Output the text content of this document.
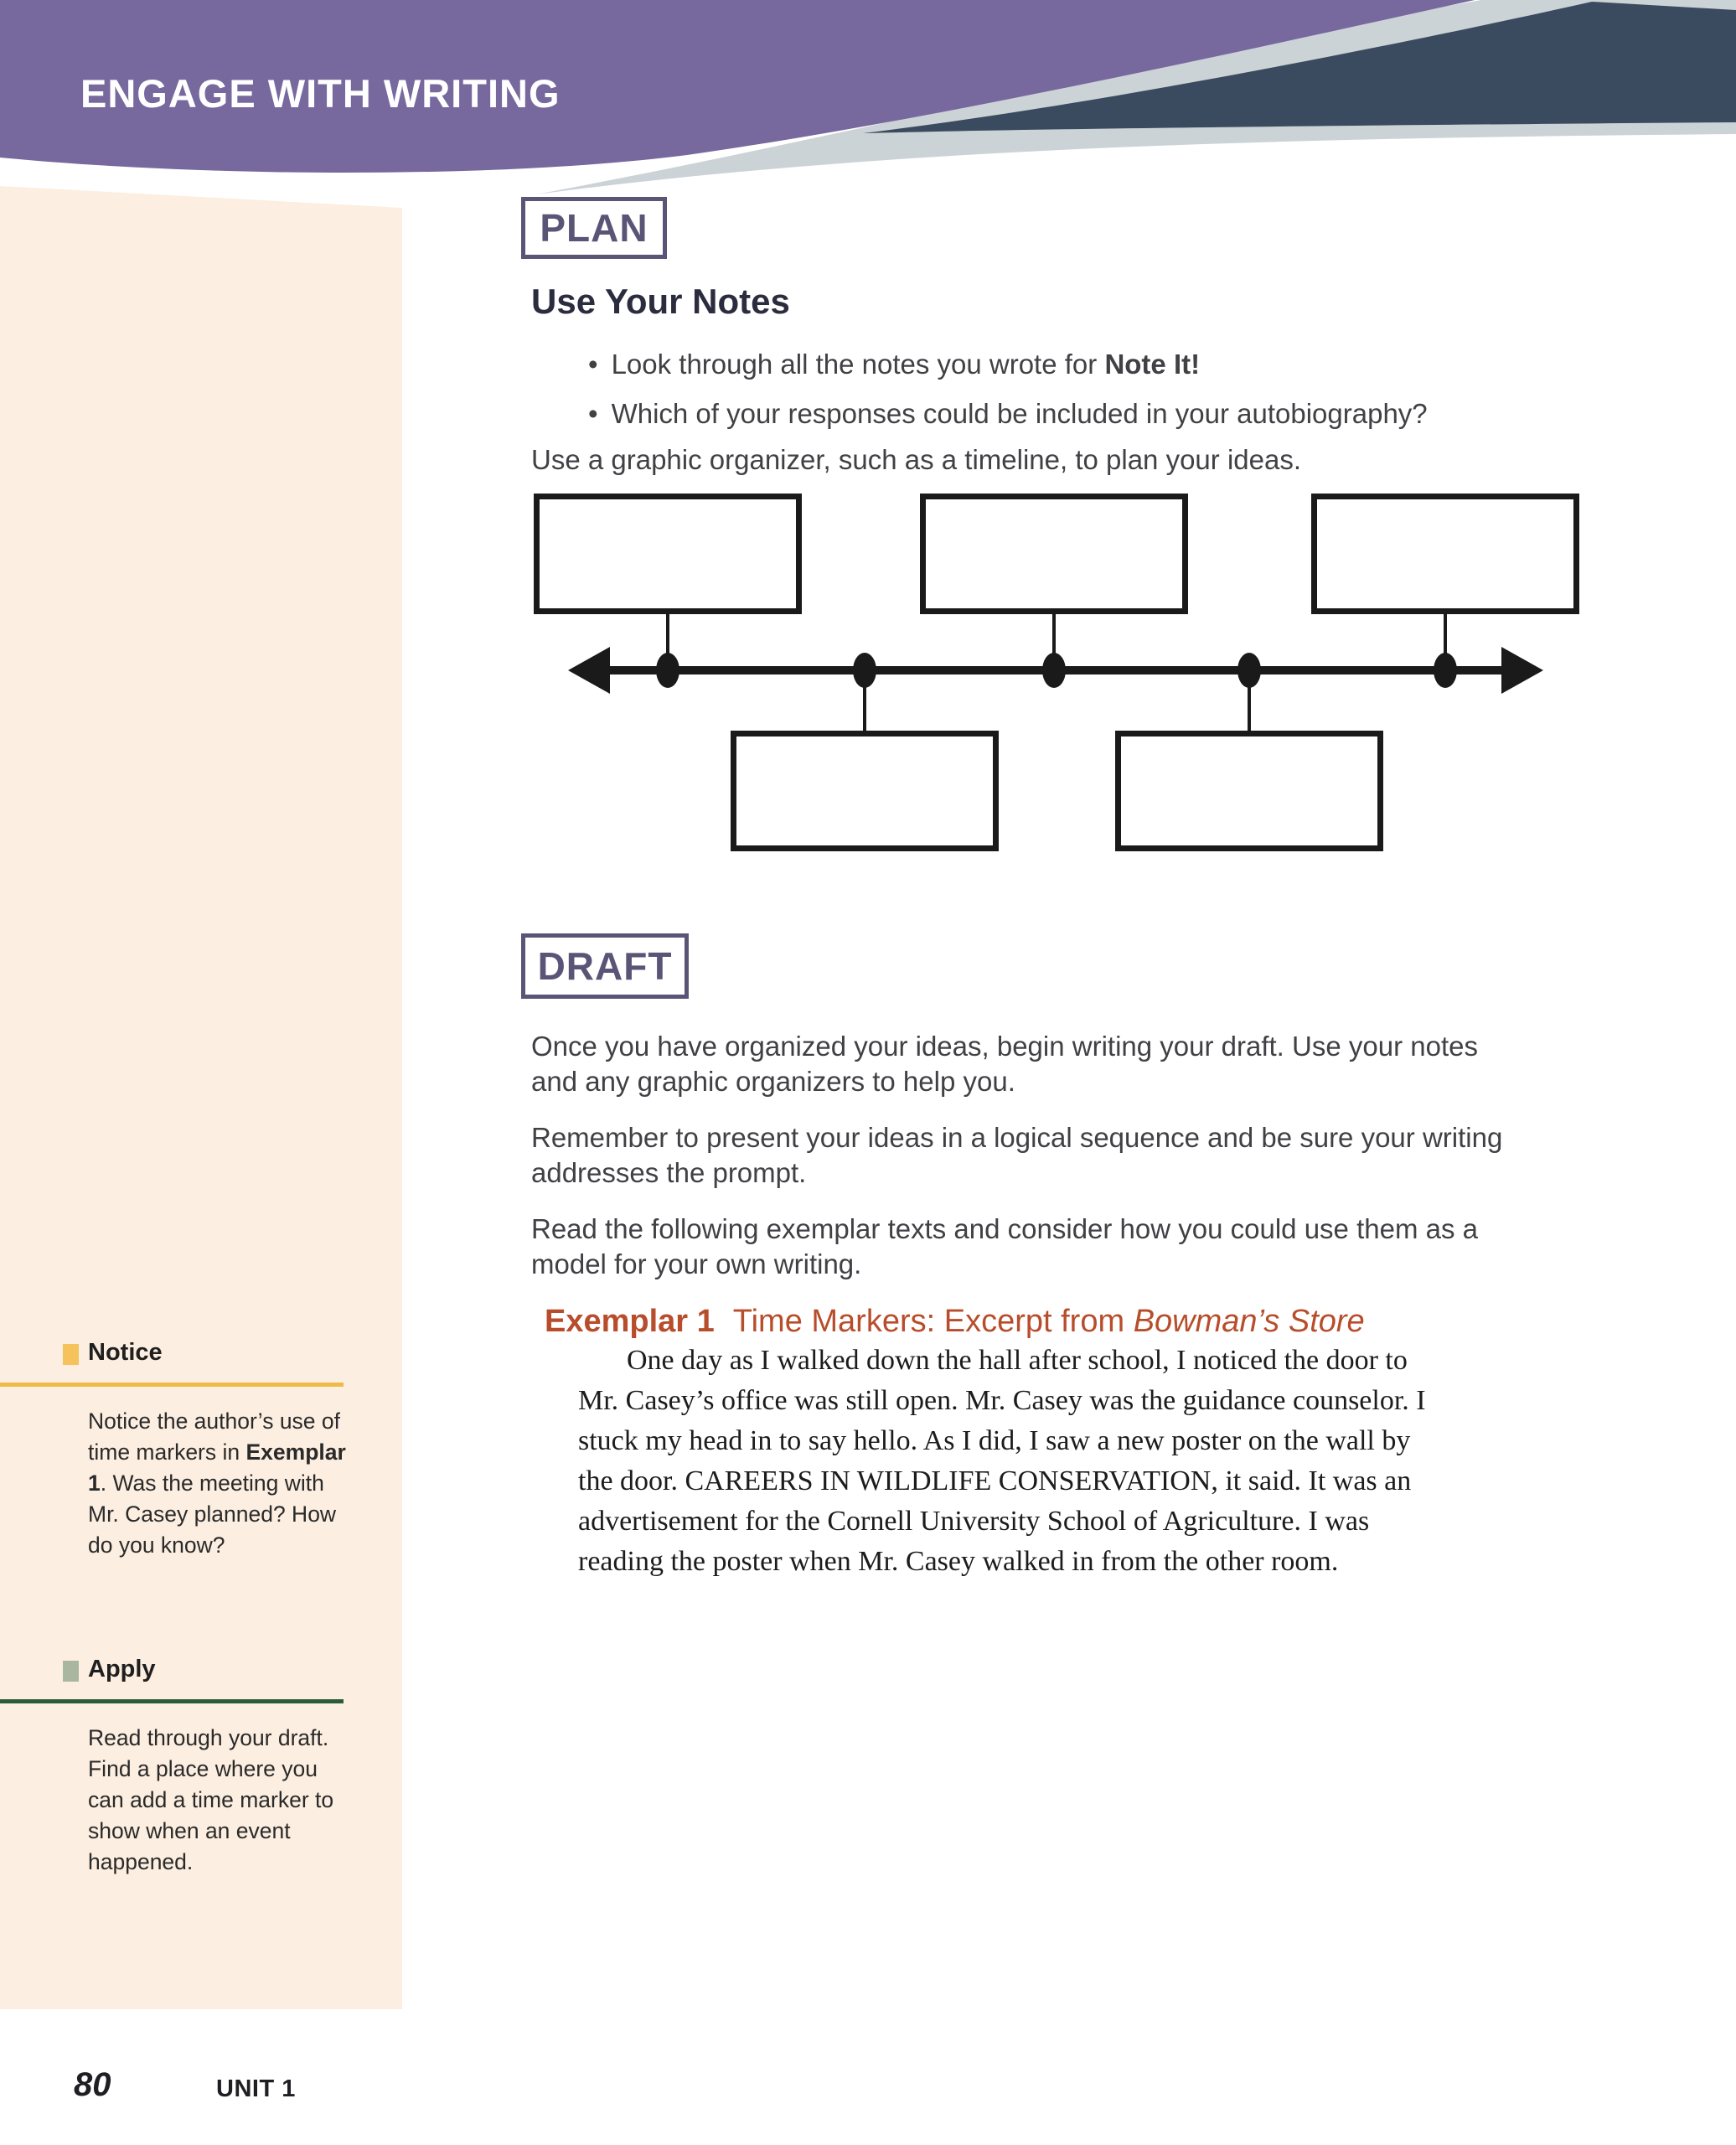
ENGAGE WITH WRITING
PLAN
Use Your Notes
• Look through all the notes you wrote for Note It!
• Which of your responses could be included in your autobiography?
Use a graphic organizer, such as a timeline, to plan your ideas.
DRAFT

Once you have organized your ideas, begin writing your draft. Use your notes and any graphic organizers to help you.

Remember to present your ideas in a logical sequence and be sure your writing addresses the prompt.

Read the following exemplar texts and consider how you could use them as a model for your own writing.

Exemplar 1 Time Markers: Excerpt from Bowman’s Store
One day as I walked down the hall after school, I noticed the door to Mr. Casey’s office was still open. Mr. Casey was the guidance counselor. I stuck my head in to say hello. As I did, I saw a new poster on the wall by the door. CAREERS IN WILDLIFE CONSERVATION, it said. It was an advertisement for the Cornell University School of Agriculture. I was reading the poster when Mr. Casey walked in from the other room.
Notice
Notice the author’s use of time markers in Exemplar 1. Was the meeting with Mr. Casey planned? How do you know?
Apply
Read through your draft. Find a place where you can add a time marker to show when an event happened.
80	UNIT 1
